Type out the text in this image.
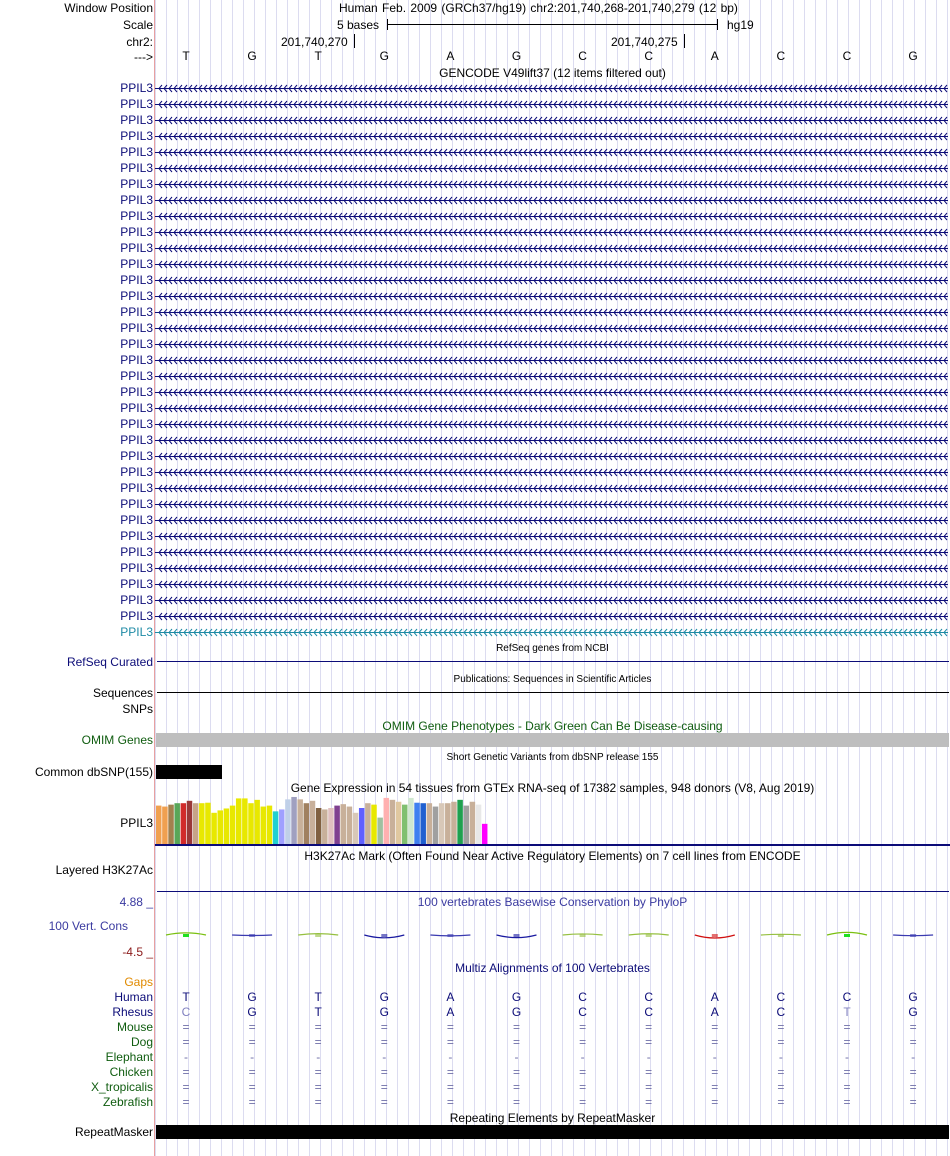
Window Position
Scale
chr2:
--->
Human Feb. 2009 (GRCh37/hg19) chr2:201,740,268-201,740,279 (12 bp)
5 bases	hg19
201,740,270	201,740,275
T	G	T	G	A	G	C	C	A	C	C	G
GENCODE V49lift37 (12 items filtered out)
PPIL3
PPIL3
PPIL3
PPIL3
PPIL3
PPIL3
PPIL3
PPIL3
PPIL3
PPIL3
PPIL3
PPIL3
PPIL3
PPIL3
PPIL3
PPIL3
PPIL3
PPIL3
PPIL3
PPIL3
PPIL3
PPIL3
PPIL3
PPIL3
PPIL3
PPIL3
PPIL3
PPIL3
PPIL3
PPIL3
PPIL3
PPIL3
PPIL3
PPIL3
PPIL3
RefSeq genes from NCBI
RefSeq Curated
Publications: Sequences in Scientific Articles
Sequences
SNPs
OMIM Gene Phenotypes - Dark Green Can Be Disease-causing
OMIM Genes
Short Genetic Variants from dbSNP release 155
Common dbSNP(155)
Gene Expression in 54 tissues from GTEx RNA-seq of 17382 samples, 948 donors (V8, Aug 2019)
PPIL3
H3K27Ac Mark (Often Found Near Active Regulatory Elements) on 7 cell lines from ENCODE
Layered H3K27Ac
100 vertebrates Basewise Conservation by PhyloP
4.88 _
100 Vert. Cons
-4.5 _
Multiz Alignments of 100 Vertebrates
Gaps
Human	T	G	T	G	A	G	C	C	A	C	C	G
Rhesus	C	G	T	G	A	G	C	C	A	C	T	G
Mouse	=	=	=	=	=	=	=	=	=	=	=	=
Dog	=	=	=	=	=	=	=	=	=	=	=	=
Elephant	-	-	-	-	-	-	-	-	-	-	-	-
Chicken	=	=	=	=	=	=	=	=	=	=	=	=
X_tropicalis	=	=	=	=	=	=	=	=	=	=	=	=
Zebrafish	=	=	=	=	=	=	=	=	=	=	=	=
Repeating Elements by RepeatMasker
RepeatMasker
